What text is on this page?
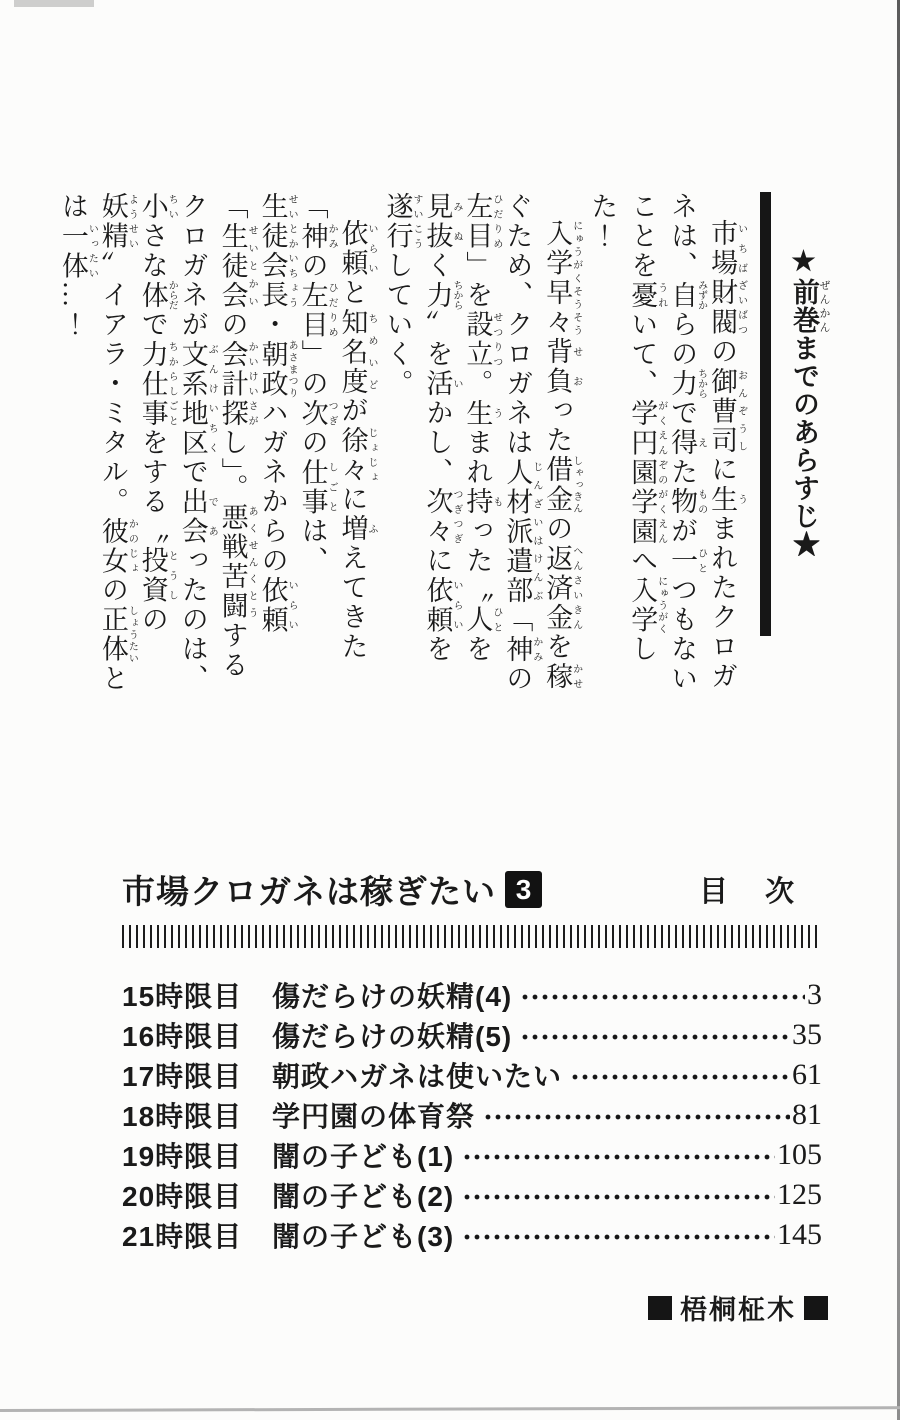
★前巻 ぜんかんまでのあらすじ★

市場いちば財閥ざいばつの御曹司おんぞうしに生うまれたクロガネは、自みずからの力ちからで得えた物ものが一ひとつもないことを憂うれいて、学円園学園がくえんぞのがくえんへ入学にゅうがくした！

入学早々にゅうがくそうそう背負せおった借金しゃっきんの返済金へんさいきんを稼かせぐため、クロガネは人材派遣部じんざいはけんぶ「神かみの左目ひだりめ」を設立せつりつ。生うまれ持もった〝人ひとを見抜みぬく力ちから〟を活いかし、次々つぎつぎに依頼いらいを遂行すいこうしていく。

依頼いらいと知名度ちめいどが徐々じょじょに増ふえてきた「神かみの左目ひだりめ」の次つぎの仕事しごとは、生徒会長せいとかいちょう・朝政あさまつりハガネからの依頼いらい「生徒会せいとかいの会計かいけい探さがし」。悪戦苦闘あくせんくとうするクロガネが文系地区ぶんけいちくで出会であったのは、小ちいさな体からだで力仕事ちからしごとをする〝投資とうしの妖精ようせい〟イアラ・ミタル。彼女かのじょの正体しょうたいとは一体いったい…！

市場クロガネは稼ぎたい 3	目　次
15時限目	傷だらけの妖精(4)	3
16時限目	傷だらけの妖精(5)	35
17時限目	朝政ハガネは使いたい	61
18時限目	学円園の体育祭	81
19時限目	闇の子ども(1)	105
20時限目	闇の子ども(2)	125
21時限目	闇の子ども(3)	145
梧桐柾木
